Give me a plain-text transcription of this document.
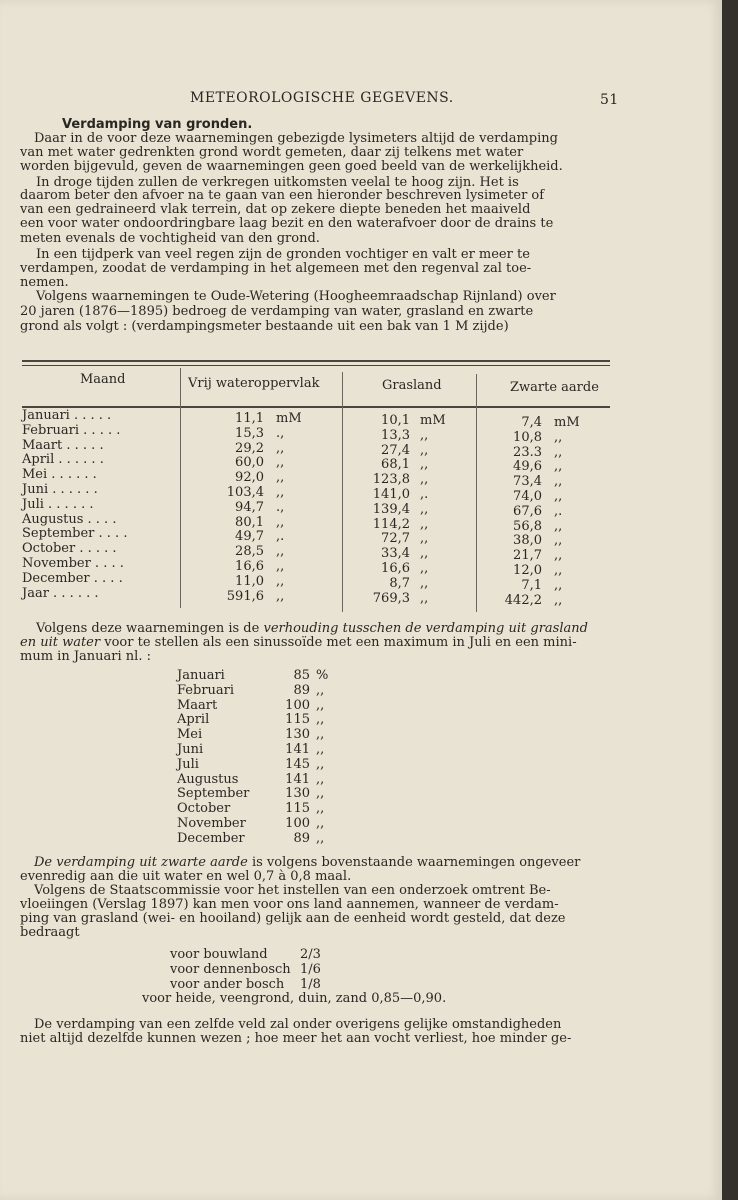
METEOROLOGISCHE GEGEVENS.	51
Verdamping van gronden.
Daar in de voor deze waarnemingen gebezigde lysimeters altijd de verdamping
van met water gedrenkten grond wordt gemeten, daar zij telkens met water
worden bijgevuld, geven de waarnemingen geen goed beeld van de werkelijkheid.
In droge tijden zullen de verkregen uitkomsten veelal te hoog zijn. Het is
daarom beter den afvoer na te gaan van een hieronder beschreven lysimeter of
van een gedraineerd vlak terrein, dat op zekere diepte beneden het maaiveld
een voor water ondoordringbare laag bezit en den waterafvoer door de drains te
meten evenals de vochtigheid van den grond.
In een tijdperk van veel regen zijn de gronden vochtiger en valt er meer te
verdampen, zoodat de verdamping in het algemeen met den regenval zal toe-
nemen.
Volgens waarnemingen te Oude-Wetering (Hoogheemraadschap Rijnland) over
20 jaren (1876—1895) bedroeg de verdamping van water, grasland en zwarte
grond als volgt : (verdampingsmeter bestaande uit een bak van 1 M zijde)
Maand	Vrij wateroppervlak	Grasland	Zwarte aarde
Januari . . . . .	11,1 mM	10,1 mM	7,4 mM
Februari . . . . .	15,3 .,	13,3 ,,	10,8 ,,
Maart . . . . .	29,2 ,,	27,4 ,,	23.3 ,,
April . . . . . .	60,0 ,,	68,1 ,,	49,6 ,,
Mei . . . . . .	92,0 ,,	123,8 ,,	73,4 ,,
Juni . . . . . .	103,4 ,,	141,0 ,.	74,0 ,,
Juli . . . . . .	94,7 .,	139,4 ,,	67,6 ,.
Augustus . . . .	80,1 ,,	114,2 ,,	56,8 ,,
September . . . .	49,7 ,.	72,7 ,,	38,0 ,,
October . . . . .	28,5 ,,	33,4 ,,	21,7 ,,
November . . . .	16,6 ,,	16,6 ,,	12,0 ,,
December . . . .	11,0 ,,	8,7 ,,	7,1 ,,
Jaar . . . . . .	591,6 ,,	769,3 ,,	442,2 ,,
Volgens deze waarnemingen is de verhouding tusschen de verdamping uit grasland
en uit water voor te stellen als een sinussoïde met een maximum in Juli en een mini-
mum in Januari nl. :
Januari	85 %
Februari	89 ,,
Maart	100 ,,
April	115 ,,
Mei	130 ,,
Juni	141 ,,
Juli	145 ,,
Augustus	141 ,,
September	130 ,,
October	115 ,,
November	100 ,,
December	89 ,,
De verdamping uit zwarte aarde is volgens bovenstaande waarnemingen ongeveer
evenredig aan die uit water en wel 0,7 à 0,8 maal.
Volgens de Staatscommissie voor het instellen van een onderzoek omtrent Be-
vloeiingen (Verslag 1897) kan men voor ons land aannemen, wanneer de verdam-
ping van grasland (wei- en hooiland) gelijk aan de eenheid wordt gesteld, dat deze
bedraagt
voor bouwland 2/3
voor dennenbosch 1/6
voor ander bosch 1/8
voor heide, veengrond, duin, zand 0,85—0,90.
De verdamping van een zelfde veld zal onder overigens gelijke omstandigheden
niet altijd dezelfde kunnen wezen ; hoe meer het aan vocht verliest, hoe minder ge-
